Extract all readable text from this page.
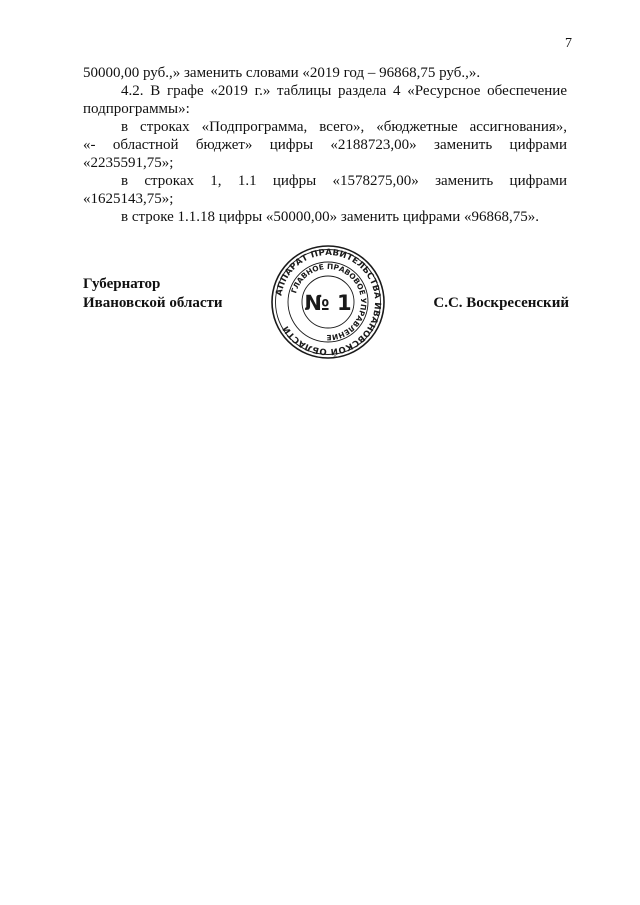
7
50000,00 руб.,» заменить словами «2019 год – 96868,75 руб.,».
4.2. В графе «2019 г.» таблицы раздела 4 «Ресурсное обеспечение
подпрограммы»:
в строках «Подпрограмма, всего», «бюджетные ассигнования»,
«- областной бюджет» цифры «2188723,00» заменить цифрами
«2235591,75»;
в строках 1, 1.1 цифры «1578275,00» заменить цифрами
«1625143,75»;
в строке 1.1.18 цифры «50000,00» заменить цифрами «96868,75».
Губернатор
Ивановской области	С.С. Воскресенский
АППАРАТ ПРАВИТЕЛЬСТВА ИВАНОВСКОЙ ОБЛАСТИ
ГЛАВНОЕ ПРАВОВОЕ УПРАВЛЕНИЕ
№ 1
